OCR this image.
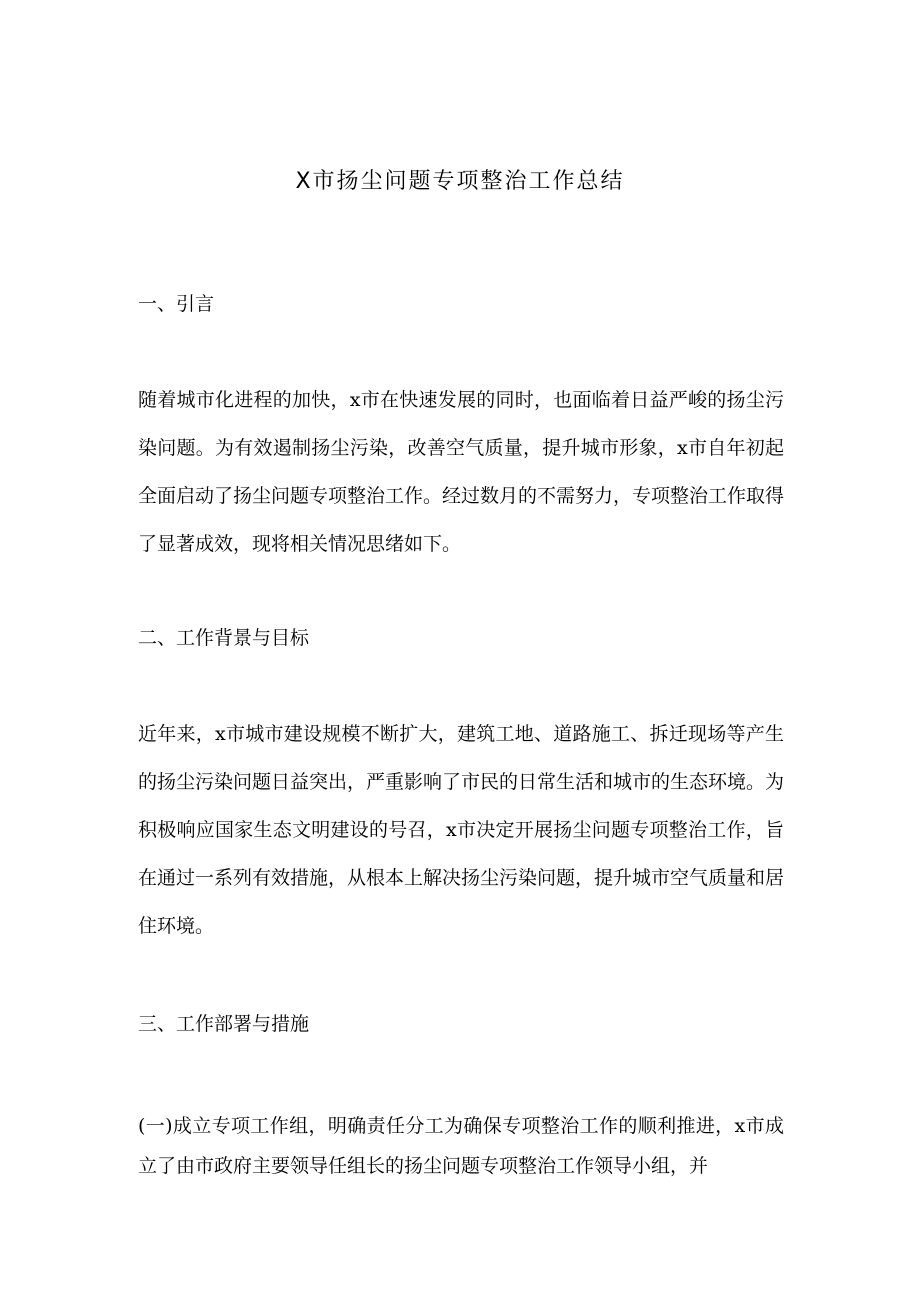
X市扬尘问题专项整治工作总结
一、引言
随着城市化进程的加快，x市在快速发展的同时，也面临着日益严峻的扬尘污染问题。为有效遏制扬尘污染，改善空气质量，提升城市形象，x市自年初起全面启动了扬尘问题专项整治工作。经过数月的不需努力，专项整治工作取得了显著成效，现将相关情况思绪如下。
二、工作背景与目标
近年来，x市城市建设规模不断扩大，建筑工地、道路施工、拆迁现场等产生的扬尘污染问题日益突出，严重影响了市民的日常生活和城市的生态环境。为积极响应国家生态文明建设的号召，x市决定开展扬尘问题专项整治工作，旨在通过一系列有效措施，从根本上解决扬尘污染问题，提升城市空气质量和居住环境。
三、工作部署与措施
(一)成立专项工作组，明确责任分工为确保专项整治工作的顺利推进，x市成立了由市政府主要领导任组长的扬尘问题专项整治工作领导小组，并
